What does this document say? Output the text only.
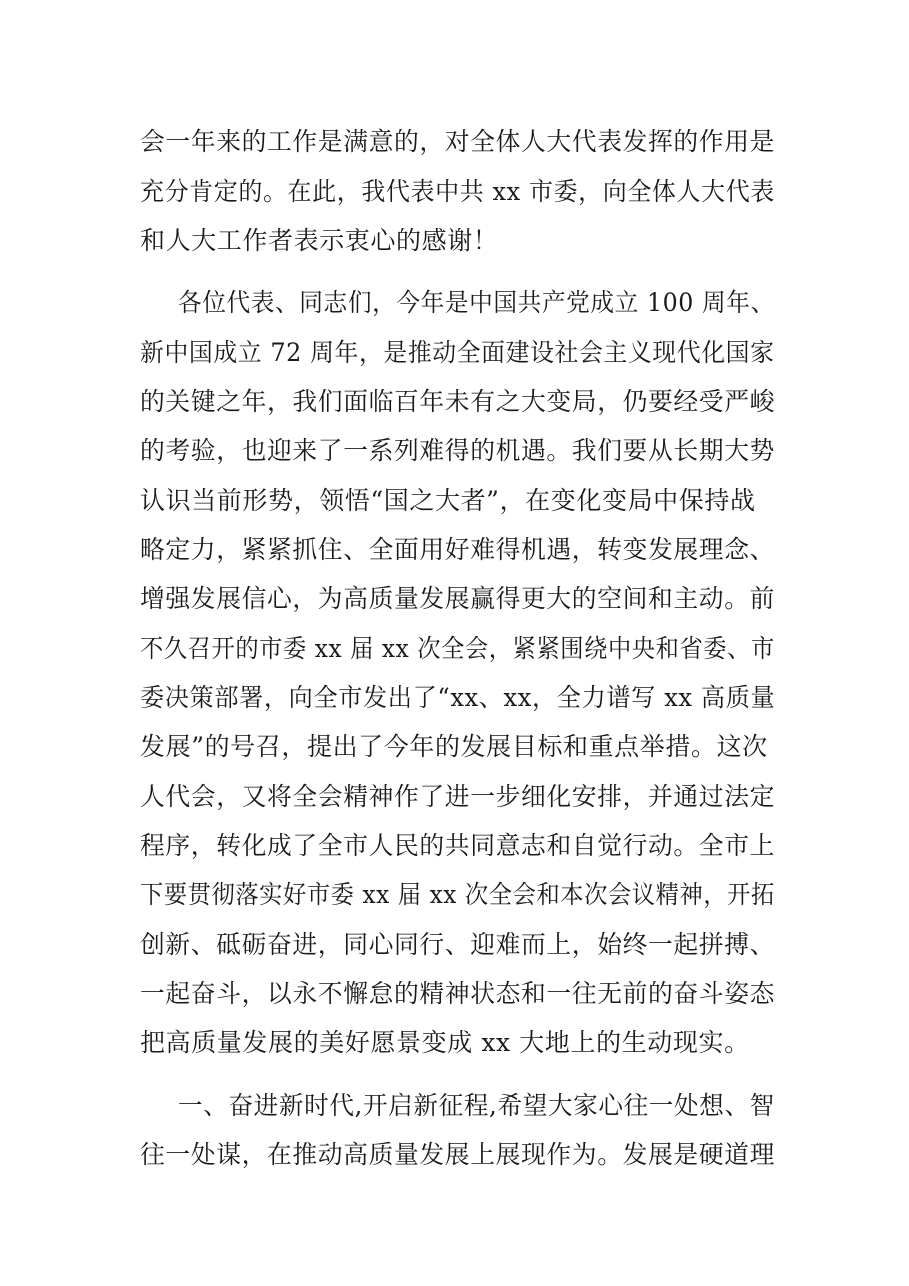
会一年来的工作是满意的，对全体人大代表发挥的作用是
充分肯定的。在此，我代表中共 xx 市委，向全体人大代表
和人大工作者表示衷心的感谢！
各位代表、同志们，今年是中国共产党成立 100 周年、
新中国成立 72 周年，是推动全面建设社会主义现代化国家
的关键之年，我们面临百年未有之大变局，仍要经受严峻
的考验，也迎来了一系列难得的机遇。我们要从长期大势
认识当前形势，领悟“国之大者”，在变化变局中保持战
略定力，紧紧抓住、全面用好难得机遇，转变发展理念、
增强发展信心，为高质量发展赢得更大的空间和主动。前
不久召开的市委 xx 届 xx 次全会，紧紧围绕中央和省委、市
委决策部署，向全市发出了“xx、xx，全力谱写 xx 高质量
发展”的号召，提出了今年的发展目标和重点举措。这次
人代会，又将全会精神作了进一步细化安排，并通过法定
程序，转化成了全市人民的共同意志和自觉行动。全市上
下要贯彻落实好市委 xx 届 xx 次全会和本次会议精神，开拓
创新、砥砺奋进，同心同行、迎难而上，始终一起拼搏、
一起奋斗，以永不懈怠的精神状态和一往无前的奋斗姿态
把高质量发展的美好愿景变成 xx 大地上的生动现实。
一、奋进新时代,开启新征程,希望大家心往一处想、智
往一处谋，在推动高质量发展上展现作为。发展是硬道理
